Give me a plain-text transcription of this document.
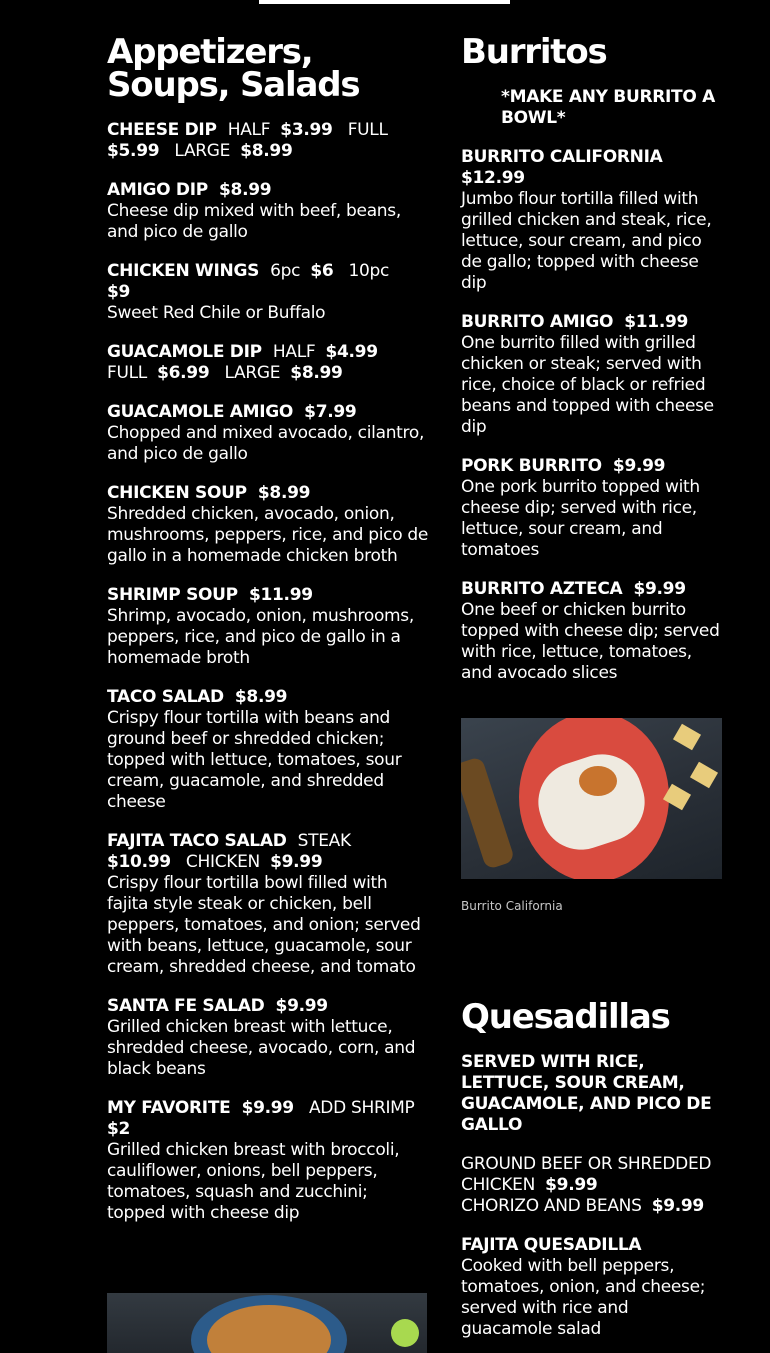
Appetizers, Soups, Salads
CHEESE DIP HALF $3.99 FULL $5.99 LARGE $8.99
AMIGO DIP $8.99
Cheese dip mixed with beef, beans, and pico de gallo
CHICKEN WINGS 6pc $6 10pc $9
Sweet Red Chile or Buffalo
GUACAMOLE DIP HALF $4.99 FULL $6.99 LARGE $8.99
GUACAMOLE AMIGO $7.99
Chopped and mixed avocado, cilantro, and pico de gallo
CHICKEN SOUP $8.99
Shredded chicken, avocado, onion, mushrooms, peppers, rice, and pico de gallo in a homemade chicken broth
SHRIMP SOUP $11.99
Shrimp, avocado, onion, mushrooms, peppers, rice, and pico de gallo in a homemade broth
TACO SALAD $8.99
Crispy flour tortilla with beans and ground beef or shredded chicken; topped with lettuce, tomatoes, sour cream, guacamole, and shredded cheese
FAJITA TACO SALAD STEAK $10.99 CHICKEN $9.99
Crispy flour tortilla bowl filled with fajita style steak or chicken, bell peppers, tomatoes, and onion; served with beans, lettuce, guacamole, sour cream, shredded cheese, and tomato
SANTA FE SALAD $9.99
Grilled chicken breast with lettuce, shredded cheese, avocado, corn, and black beans
MY FAVORITE $9.99 ADD SHRIMP $2
Grilled chicken breast with broccoli, cauliflower, onions, bell peppers, tomatoes, squash and zucchini; topped with cheese dip
Burritos
*MAKE ANY BURRITO A BOWL*
BURRITO CALIFORNIA $12.99
Jumbo flour tortilla filled with grilled chicken and steak, rice, lettuce, sour cream, and pico de gallo; topped with cheese dip
BURRITO AMIGO $11.99
One burrito filled with grilled chicken or steak; served with rice, choice of black or refried beans and topped with cheese dip
PORK BURRITO $9.99
One pork burrito topped with cheese dip; served with rice, lettuce, sour cream, and tomatoes
BURRITO AZTECA $9.99
One beef or chicken burrito topped with cheese dip; served with rice, lettuce, tomatoes, and avocado slices
Burrito California
Quesadillas
SERVED WITH RICE, LETTUCE, SOUR CREAM, GUACAMOLE, AND PICO DE GALLO
GROUND BEEF OR SHREDDED CHICKEN $9.99
CHORIZO AND BEANS $9.99
FAJITA QUESADILLA
Cooked with bell peppers, tomatoes, onion, and cheese; served with rice and guacamole salad
